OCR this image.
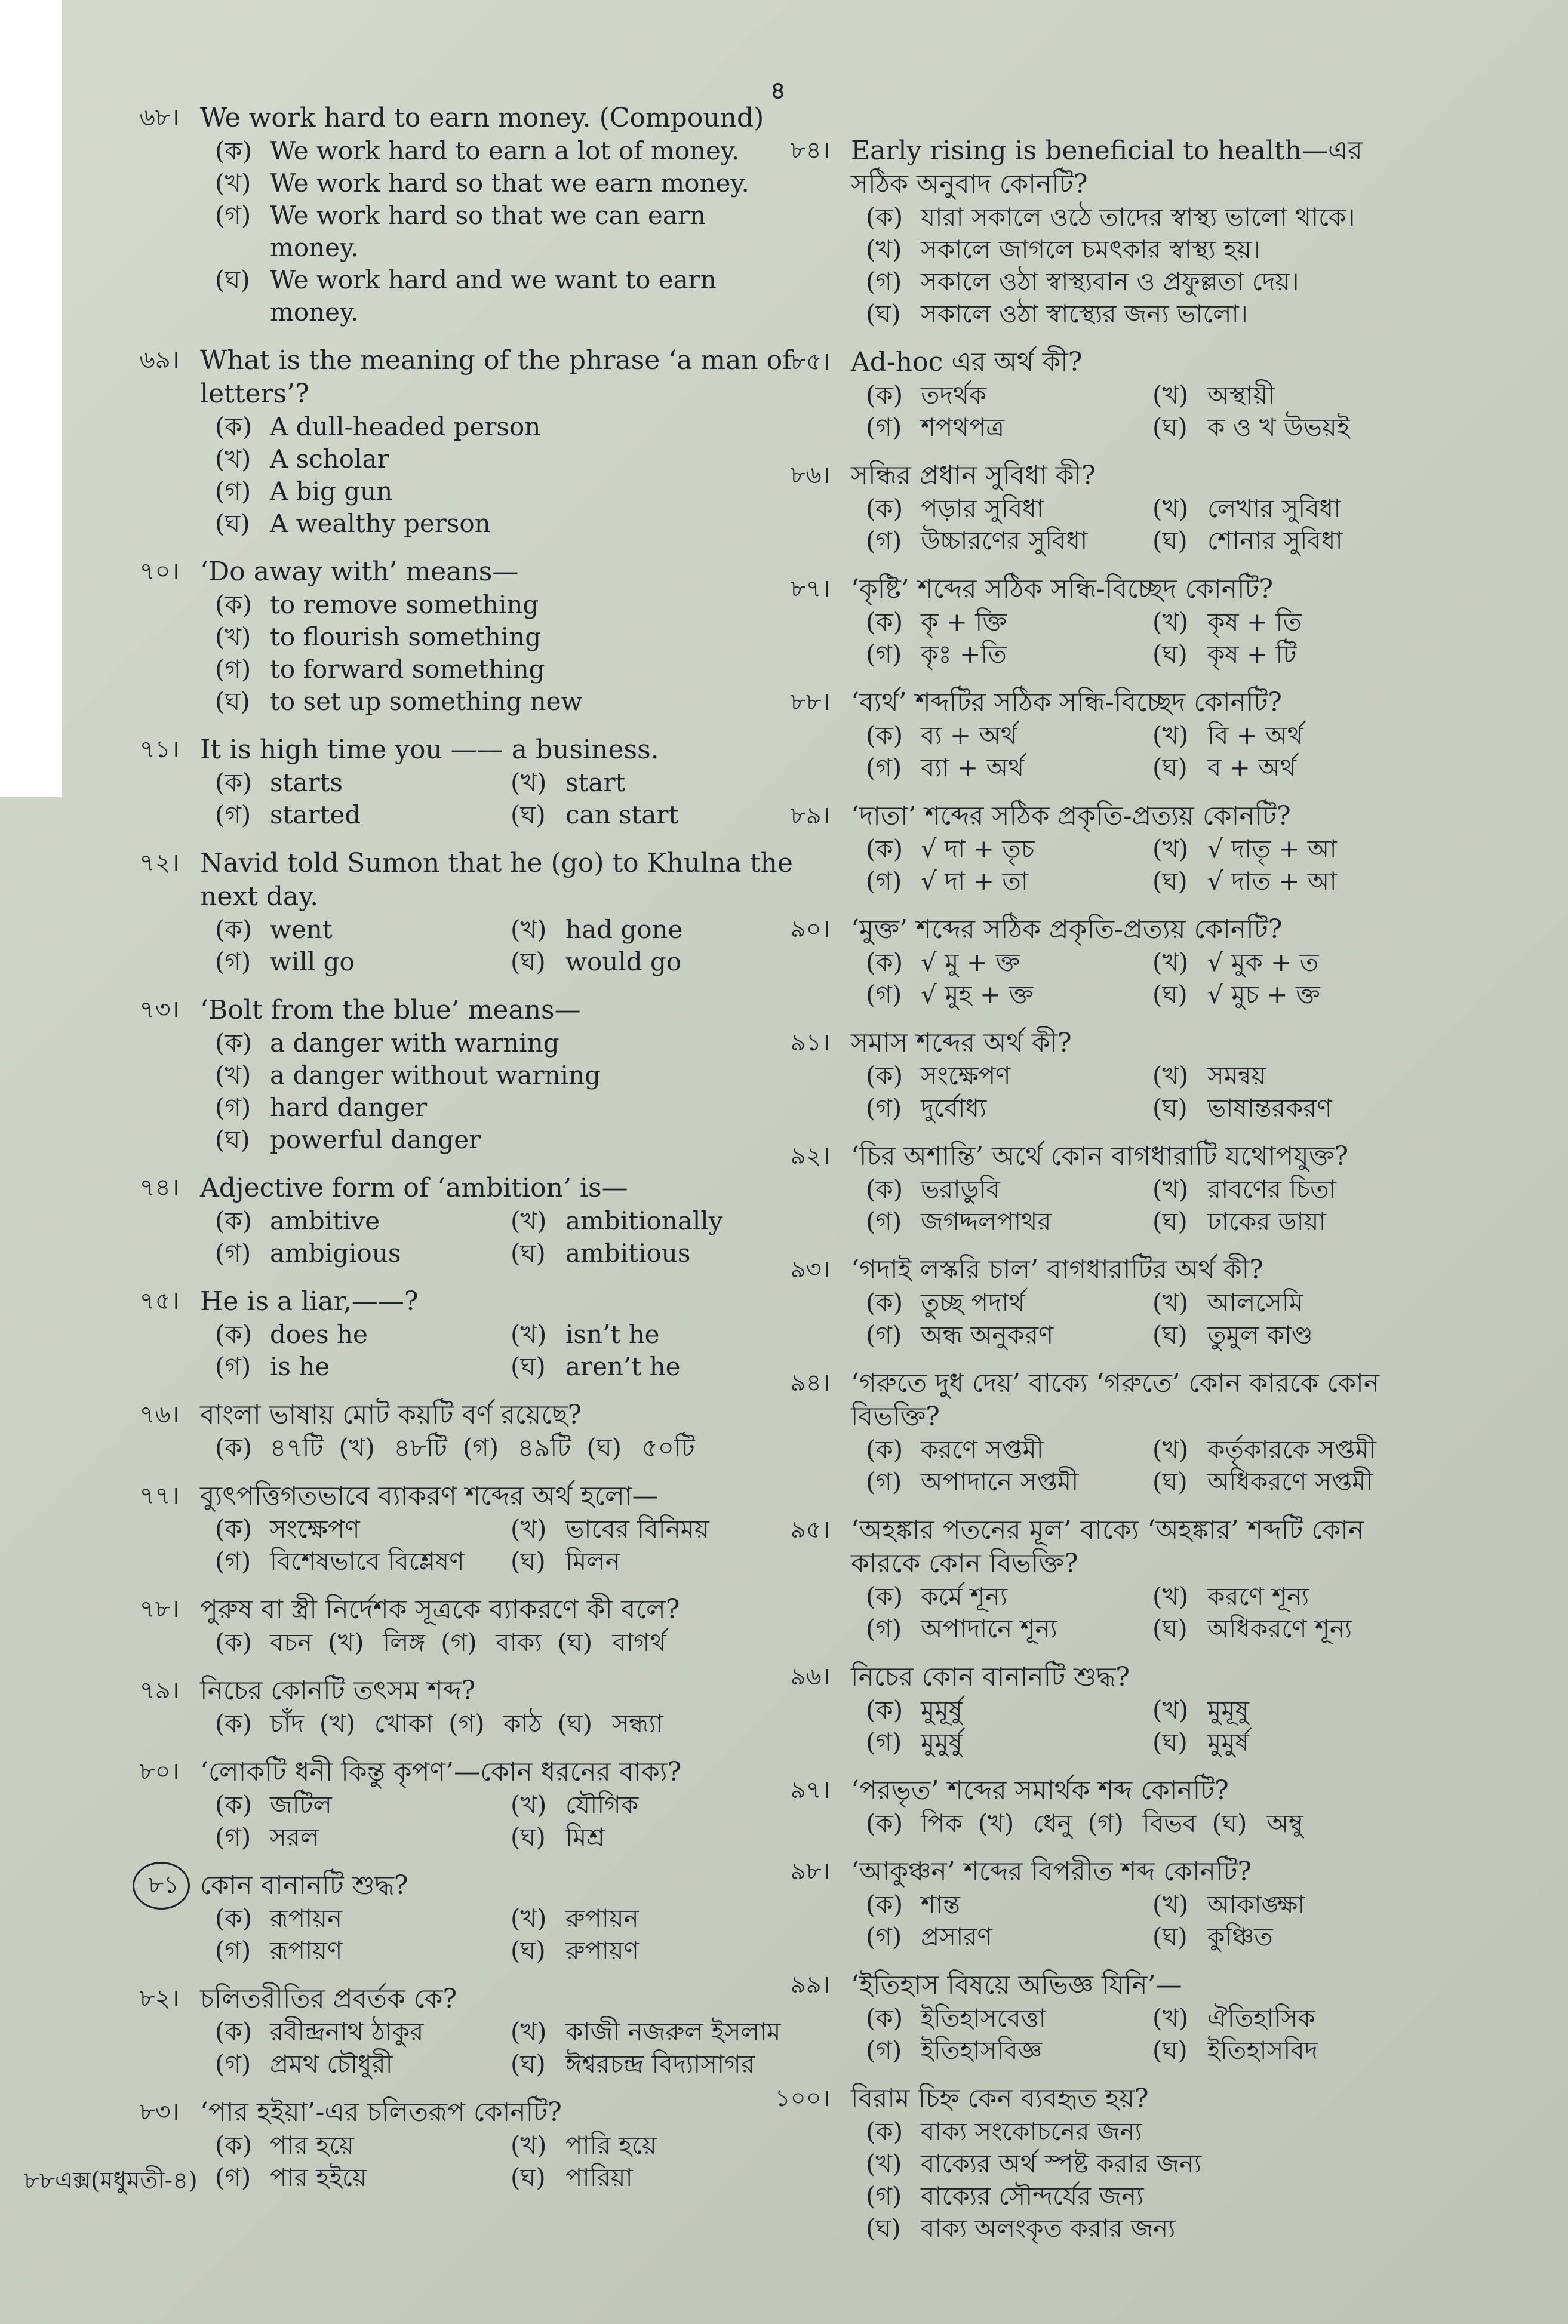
৪
৬৮। We work hard to earn money. (Compound)
(ক) We work hard to earn a lot of money.
(খ) We work hard so that we earn money.
(গ) We work hard so that we can earn money.
(ঘ) We work hard and we want to earn money.
৬৯। What is the meaning of the phrase ‘a man of letters’?
(ক) A dull-headed person
(খ) A scholar
(গ) A big gun
(ঘ) A wealthy person
৭০। ‘Do away with’ means—
(ক) to remove something
(খ) to flourish something
(গ) to forward something
(ঘ) to set up something new
৭১। It is high time you —— a business.
(ক) starts	(খ) start
(গ) started	(ঘ) can start
৭২। Navid told Sumon that he (go) to Khulna the next day.
(ক) went	(খ) had gone
(গ) will go	(ঘ) would go
৭৩। ‘Bolt from the blue’ means—
(ক) a danger with warning
(খ) a danger without warning
(গ) hard danger
(ঘ) powerful danger
৭৪। Adjective form of ‘ambition’ is—
(ক) ambitive	(খ) ambitionally
(গ) ambigious	(ঘ) ambitious
৭৫। He is a liar,——?
(ক) does he	(খ) isn’t he
(গ) is he	(ঘ) aren’t he
৭৬। বাংলা ভাষায় মোট কয়টি বর্ণ রয়েছে?
(ক) ৪৭টি (খ) ৪৮টি (গ) ৪৯টি (ঘ) ৫০টি
৭৭। ব্যুৎপত্তিগতভাবে ব্যাকরণ শব্দের অর্থ হলো—
(ক) সংক্ষেপণ	(খ) ভাবের বিনিময়
(গ) বিশেষভাবে বিশ্লেষণ (ঘ) মিলন
৭৮। পুরুষ বা স্ত্রী নির্দেশক সূত্রকে ব্যাকরণে কী বলে?
(ক) বচন (খ) লিঙ্গ (গ) বাক্য (ঘ) বাগর্থ
৭৯। নিচের কোনটি তৎসম শব্দ?
(ক) চাঁদ (খ) খোকা (গ) কাঠ (ঘ) সন্ধ্যা
৮০। ‘লোকটি ধনী কিন্তু কৃপণ’—কোন ধরনের বাক্য?
(ক) জটিল	(খ) যৌগিক
(গ) সরল	(ঘ) মিশ্র
৮১ কোন বানানটি শুদ্ধ?
(ক) রূপায়ন	(খ) রুপায়ন
(গ) রূপায়ণ	(ঘ) রুপায়ণ
৮২। চলিতরীতির প্রবর্তক কে?
(ক) রবীন্দ্রনাথ ঠাকুর	(খ) কাজী নজরুল ইসলাম
(গ) প্রমথ চৌধুরী	(ঘ) ঈশ্বরচন্দ্র বিদ্যাসাগর
৮৩। ‘পার হইয়া’-এর চলিতরূপ কোনটি?
(ক) পার হয়ে	(খ) পারি হয়ে
(গ) পার হইয়ে	(ঘ) পারিয়া
৮৪। Early rising is beneficial to health—এর সঠিক অনুবাদ কোনটি?
(ক) যারা সকালে ওঠে তাদের স্বাস্থ্য ভালো থাকে।
(খ) সকালে জাগলে চমৎকার স্বাস্থ্য হয়।
(গ) সকালে ওঠা স্বাস্থ্যবান ও প্রফুল্লতা দেয়।
(ঘ) সকালে ওঠা স্বাস্থ্যের জন্য ভালো।
৮৫। Ad-hoc এর অর্থ কী?
(ক) তদর্থক	(খ) অস্থায়ী
(গ) শপথপত্র	(ঘ) ক ও খ উভয়ই
৮৬। সন্ধির প্রধান সুবিধা কী?
(ক) পড়ার সুবিধা	(খ) লেখার সুবিধা
(গ) উচ্চারণের সুবিধা	(ঘ) শোনার সুবিধা
৮৭। ‘কৃষ্টি’ শব্দের সঠিক সন্ধি-বিচ্ছেদ কোনটি?
(ক) কৃ + ক্তি	(খ) কৃষ + তি
(গ) কৃঃ +তি	(ঘ) কৃষ + টি
৮৮। ‘ব্যর্থ’ শব্দটির সঠিক সন্ধি-বিচ্ছেদ কোনটি?
(ক) ব্য + অর্থ	(খ) বি + অর্থ
(গ) ব্যা + অর্থ	(ঘ) ব + অর্থ
৮৯। ‘দাতা’ শব্দের সঠিক প্রকৃতি-প্রত্যয় কোনটি?
(ক) √ দা + তৃচ	(খ) √ দাতৃ + আ
(গ) √ দা + তা	(ঘ) √ দাত + আ
৯০। ‘মুক্ত’ শব্দের সঠিক প্রকৃতি-প্রত্যয় কোনটি?
(ক) √ মু + ক্ত	(খ) √ মুক + ত
(গ) √ মুহ + ক্ত	(ঘ) √ মুচ + ক্ত
৯১। সমাস শব্দের অর্থ কী?
(ক) সংক্ষেপণ	(খ) সমন্বয়
(গ) দুর্বোধ্য	(ঘ) ভাষান্তরকরণ
৯২। ‘চির অশান্তি’ অর্থে কোন বাগধারাটি যথোপযুক্ত?
(ক) ভরাডুবি	(খ) রাবণের চিতা
(গ) জগদ্দলপাথর	(ঘ) ঢাকের ডায়া
৯৩। ‘গদাই লস্করি চাল’ বাগধারাটির অর্থ কী?
(ক) তুচ্ছ পদার্থ	(খ) আলসেমি
(গ) অন্ধ অনুকরণ	(ঘ) তুমুল কাণ্ড
৯৪। ‘গরুতে দুধ দেয়’ বাক্যে ‘গরুতে’ কোন কারকে কোন বিভক্তি?
(ক) করণে সপ্তমী	(খ) কর্তৃকারকে সপ্তমী
(গ) অপাদানে সপ্তমী	(ঘ) অধিকরণে সপ্তমী
৯৫। ‘অহঙ্কার পতনের মূল’ বাক্যে ‘অহঙ্কার’ শব্দটি কোন কারকে কোন বিভক্তি?
(ক) কর্মে শূন্য	(খ) করণে শূন্য
(গ) অপাদানে শূন্য	(ঘ) অধিকরণে শূন্য
৯৬। নিচের কোন বানানটি শুদ্ধ?
(ক) মুমূর্ষু	(খ) মুমূষু
(গ) মুমুর্ষু	(ঘ) মুমুর্ষ
৯৭। ‘পরভৃত’ শব্দের সমার্থক শব্দ কোনটি?
(ক) পিক (খ) ধেনু (গ) বিভব (ঘ) অম্বু
৯৮। ‘আকুঞ্চন’ শব্দের বিপরীত শব্দ কোনটি?
(ক) শান্ত	(খ) আকাঙ্ক্ষা
(গ) প্রসারণ	(ঘ) কুঞ্চিত
৯৯। ‘ইতিহাস বিষয়ে অভিজ্ঞ যিনি’—
(ক) ইতিহাসবেত্তা	(খ) ঐতিহাসিক
(গ) ইতিহাসবিজ্ঞ	(ঘ) ইতিহাসবিদ
১০০। বিরাম চিহ্ন কেন ব্যবহৃত হয়?
(ক) বাক্য সংকোচনের জন্য
(খ) বাক্যের অর্থ স্পষ্ট করার জন্য
(গ) বাক্যের সৌন্দর্যের জন্য
(ঘ) বাক্য অলংকৃত করার জন্য
৮৮এক্স(মধুমতী-৪)
